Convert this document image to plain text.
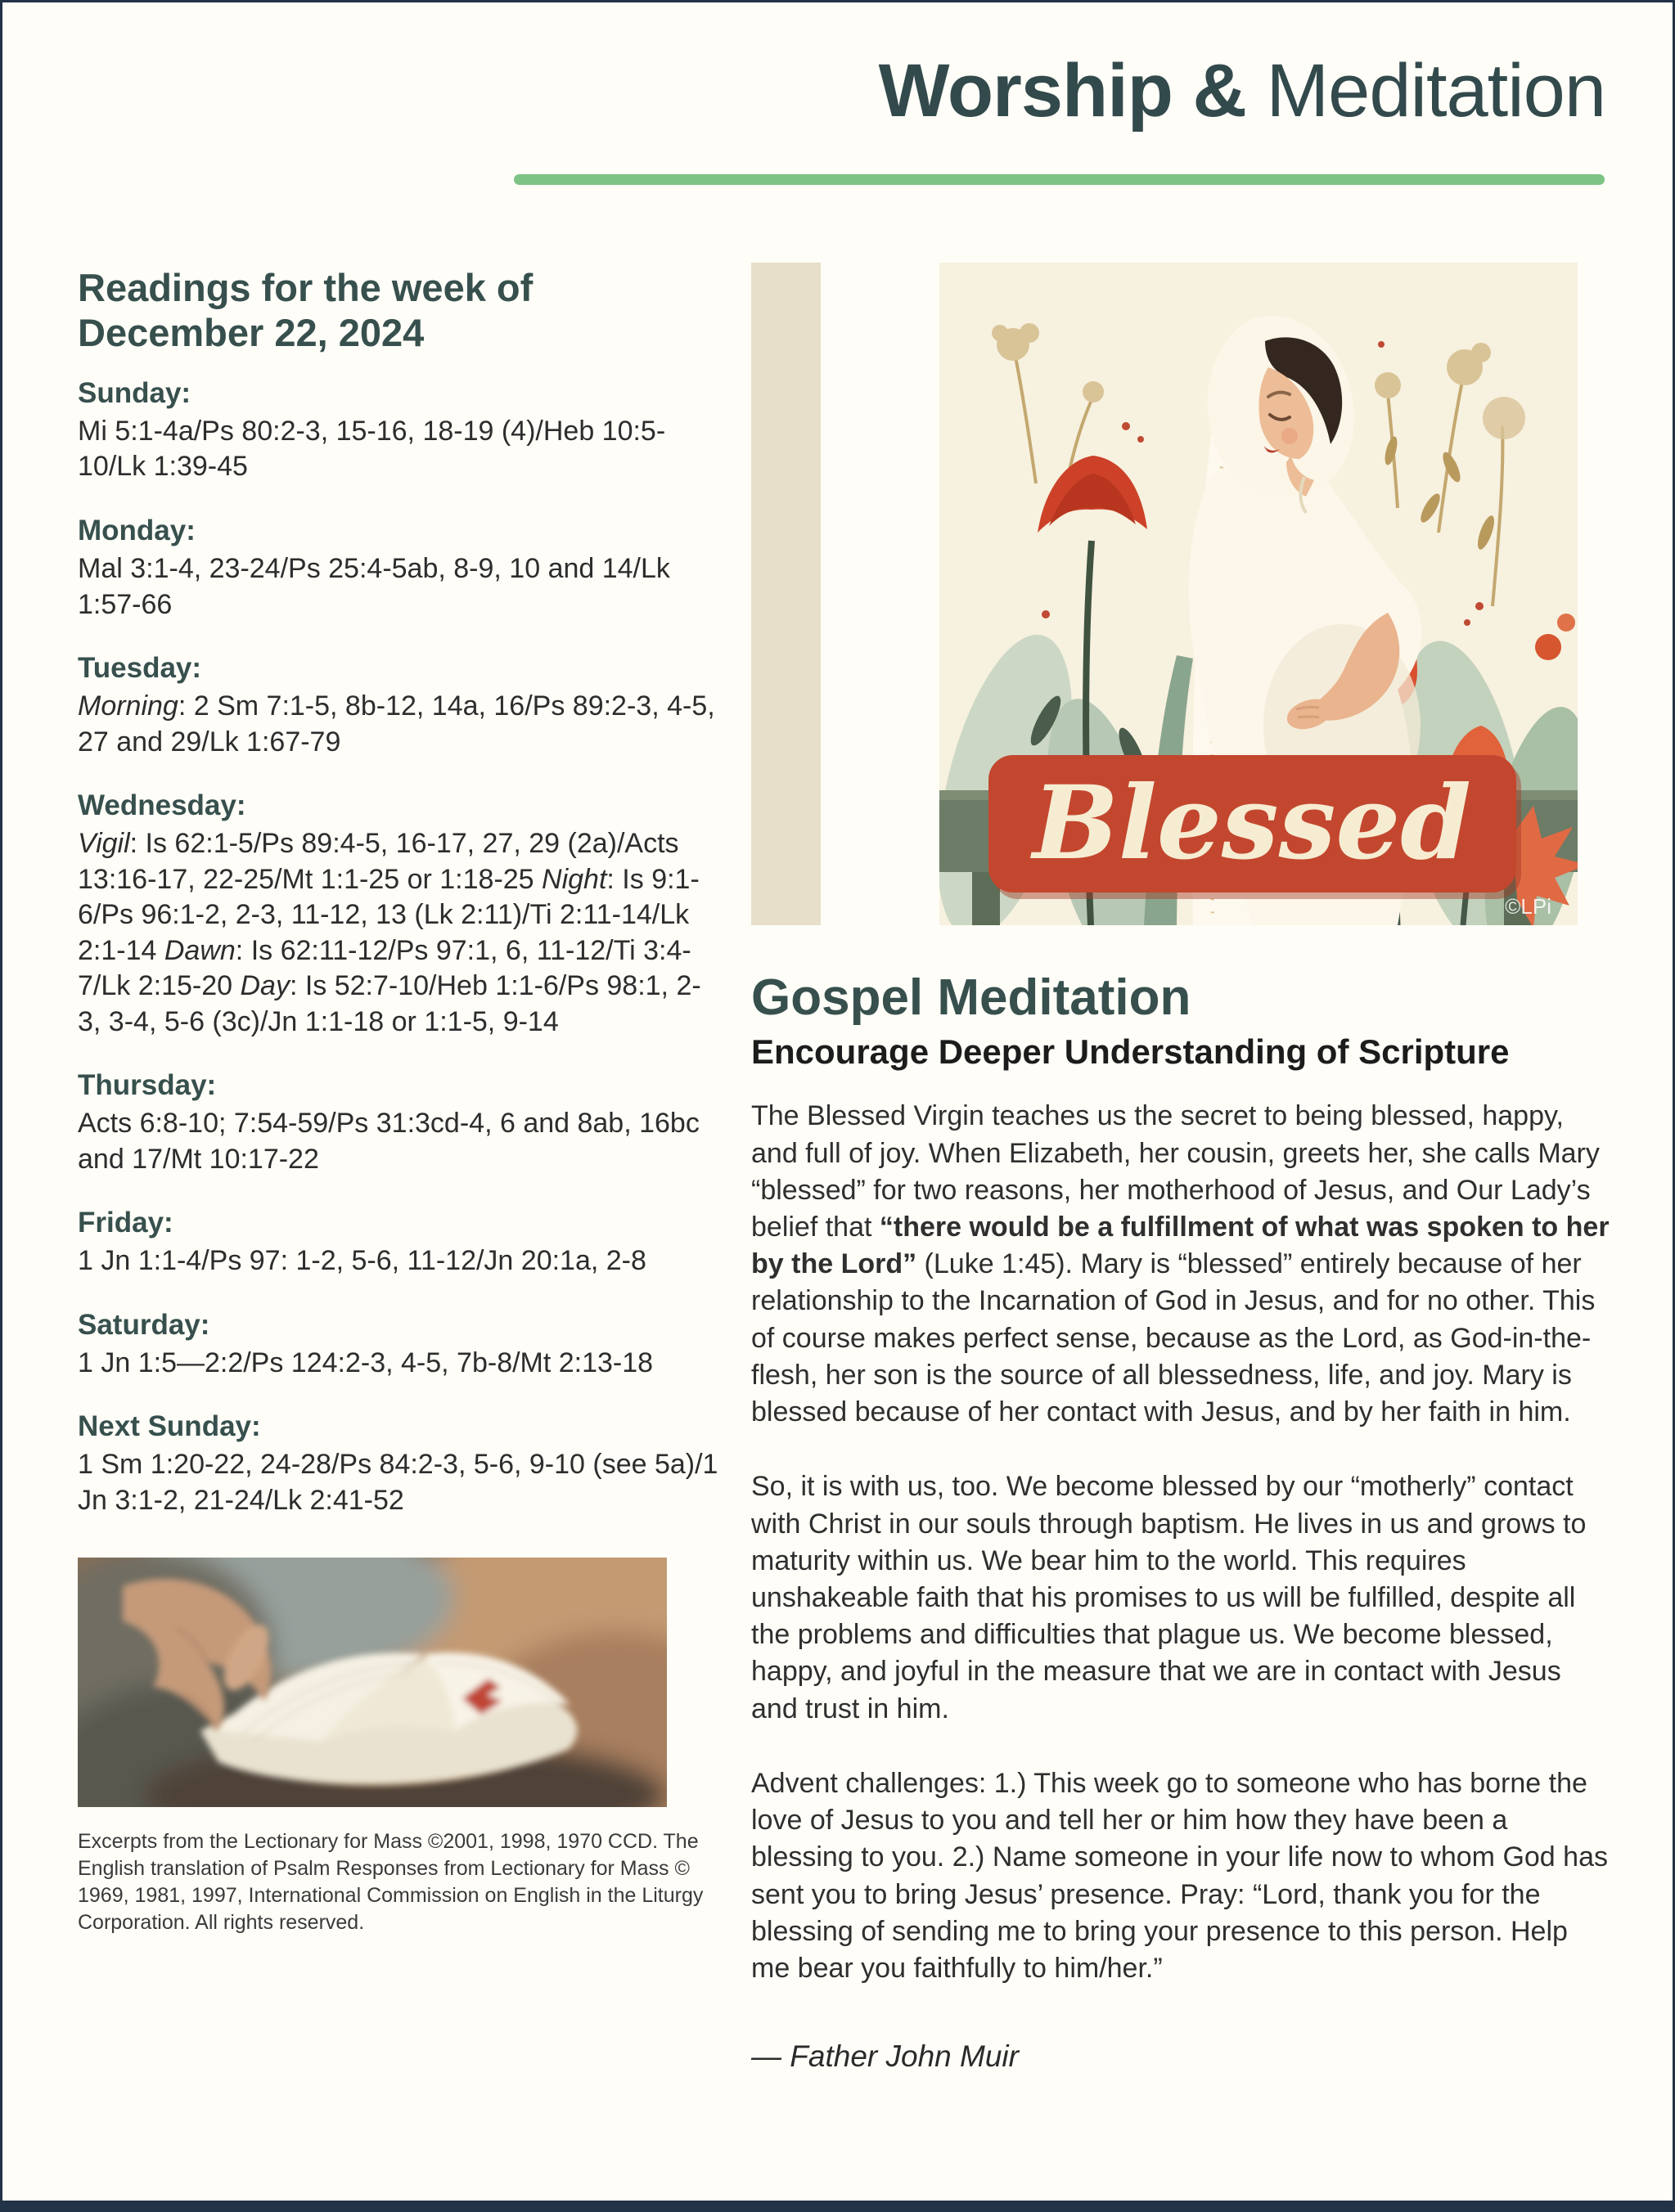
Worship & Meditation
Readings for the week of December 22, 2024
Sunday:
Mi 5:1-4a/Ps 80:2-3, 15-16, 18-19 (4)/Heb 10:5-10/Lk 1:39-45
Monday:
Mal 3:1-4, 23-24/Ps 25:4-5ab, 8-9, 10 and 14/Lk 1:57-66
Tuesday:
Morning: 2 Sm 7:1-5, 8b-12, 14a, 16/Ps 89:2-3, 4-5, 27 and 29/Lk 1:67-79
Wednesday:
Vigil: Is 62:1-5/Ps 89:4-5, 16-17, 27, 29 (2a)/Acts 13:16-17, 22-25/Mt 1:1-25 or 1:18-25 Night: Is 9:1-6/Ps 96:1-2, 2-3, 11-12, 13 (Lk 2:11)/Ti 2:11-14/Lk 2:1-14 Dawn: Is 62:11-12/Ps 97:1, 6, 11-12/Ti 3:4-7/Lk 2:15-20 Day: Is 52:7-10/Heb 1:1-6/Ps 98:1, 2-3, 3-4, 5-6 (3c)/Jn 1:1-18 or 1:1-5, 9-14
Thursday:
Acts 6:8-10; 7:54-59/Ps 31:3cd-4, 6 and 8ab, 16bc and 17/Mt 10:17-22
Friday:
1 Jn 1:1-4/Ps 97: 1-2, 5-6, 11-12/Jn 20:1a, 2-8
Saturday:
1 Jn 1:5—2:2/Ps 124:2-3, 4-5, 7b-8/Mt 2:13-18
Next Sunday:
1 Sm 1:20-22, 24-28/Ps 84:2-3, 5-6, 9-10 (see 5a)/1 Jn 3:1-2, 21-24/Lk 2:41-52

Excerpts from the Lectionary for Mass ©2001, 1998, 1970 CCD. The English translation of Psalm Responses from Lectionary for Mass © 1969, 1981, 1997, International Commission on English in the Liturgy Corporation. All rights reserved.

Blessed
©LPi
Gospel Meditation
Encourage Deeper Understanding of Scripture

The Blessed Virgin teaches us the secret to being blessed, happy, and full of joy. When Elizabeth, her cousin, greets her, she calls Mary “blessed” for two reasons, her motherhood of Jesus, and Our Lady’s belief that “there would be a fulfillment of what was spoken to her by the Lord” (Luke 1:45). Mary is “blessed” entirely because of her relationship to the Incarnation of God in Jesus, and for no other. This of course makes perfect sense, because as the Lord, as God-in-the-flesh, her son is the source of all blessedness, life, and joy. Mary is blessed because of her contact with Jesus, and by her faith in him.

So, it is with us, too. We become blessed by our “motherly” contact with Christ in our souls through baptism. He lives in us and grows to maturity within us. We bear him to the world. This requires unshakeable faith that his promises to us will be fulfilled, despite all the problems and difficulties that plague us. We become blessed, happy, and joyful in the measure that we are in contact with Jesus and trust in him.

Advent challenges: 1.) This week go to someone who has borne the love of Jesus to you and tell her or him how they have been a blessing to you. 2.) Name someone in your life now to whom God has sent you to bring Jesus’ presence. Pray: “Lord, thank you for the blessing of sending me to bring your presence to this person. Help me bear you faithfully to him/her.”

— Father John Muir
